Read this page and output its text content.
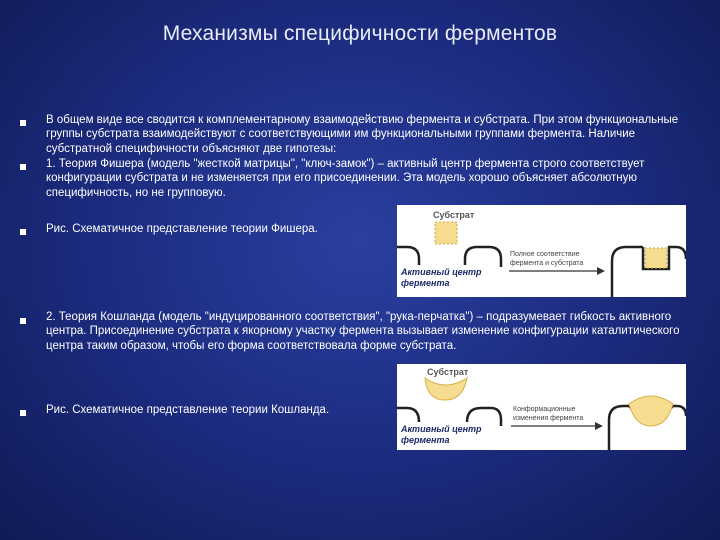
Механизмы специфичности ферментов
В общем виде все сводится к комплементарному взаимодействию фермента и субстрата. При этом функциональные группы субстрата взаимодействуют с соответствующими им функциональными группами фермента. Наличие субстратной специфичности объясняют две гипотезы:
1. Теория Фишера (модель "жесткой матрицы", "ключ-замок") – активный центр фермента строго соответствует конфигурации субстрата и не изменяется при его присоединении. Эта модель хорошо объясняет абсолютную специфичность, но не групповую.
Рис. Схематичное представление теории Фишера.
2. Теория Кошланда (модель "индуцированного соответствия", "рука-перчатка") – подразумевает гибкость активного центра. Присоединение субстрата к якорному участку фермента вызывает изменение конфигурации каталитического центра таким образом, чтобы его форма соответствовала форме субстрата.
Рис. Схематичное представление теории Кошланда.
Субстрат
Активный центр
фермента
Полное соответствие
фермента и субстрата
Субстрат
Активный центр
фермента
Конформационные
изменения фермента
